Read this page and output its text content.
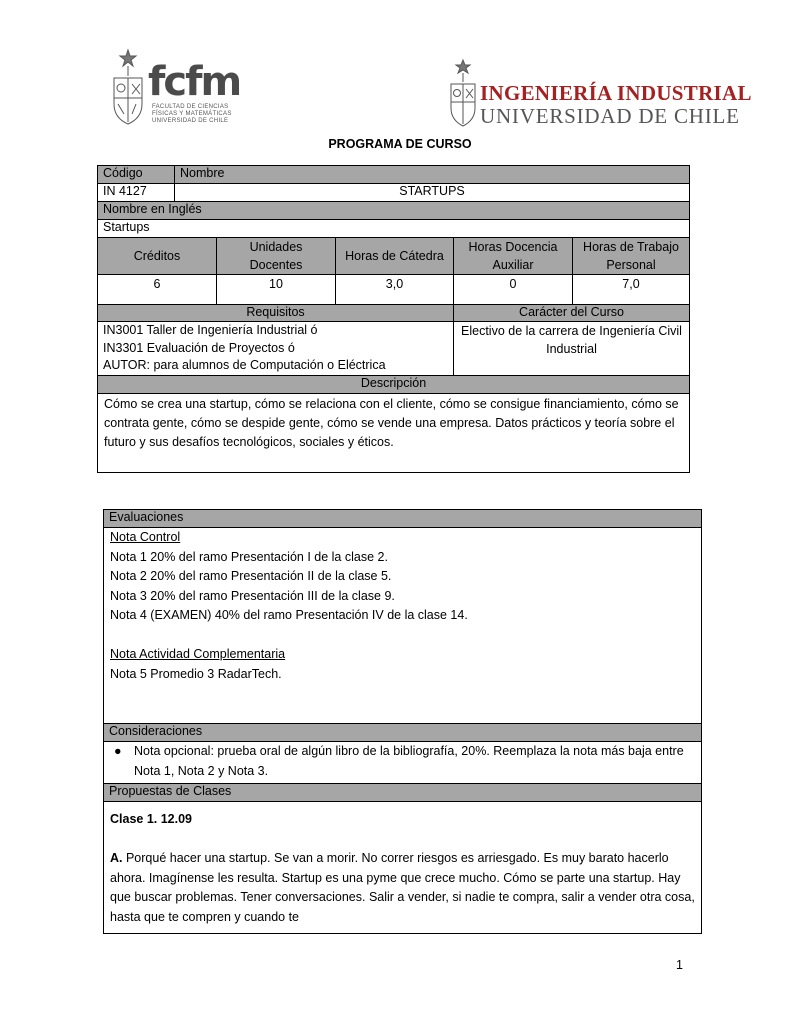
fcfm
FACULTAD DE CIENCIAS
FÍSICAS Y MATEMÁTICAS
UNIVERSIDAD DE CHILE
INGENIERÍA INDUSTRIAL
UNIVERSIDAD DE CHILE
PROGRAMA DE CURSO
Código	Nombre				
IN 4127	STARTUPS				
Nombre en Inglés					
Startups					
Créditos		Unidades Docentes	Horas de Cátedra	Horas Docencia Auxiliar	Horas de Trabajo Personal
6		10	3,0	0	7,0
Requisitos				Carácter del Curso	

IN3001 Taller de Ingeniería Industrial ó
IN3301 Evaluación de Proyectos ó
AUTOR: para alumnos de Computación o Eléctrica				Electivo de la carrera de Ingeniería Civil Industrial	
Descripción					
Cómo se crea una startup, cómo se relaciona con el cliente, cómo se consigue financiamiento, cómo se contrata gente, cómo se despide gente, cómo se vende una empresa. Datos prácticos y teoría sobre el futuro y sus desafíos tecnológicos, sociales y éticos.					
Evaluaciones

Nota Control
Nota 1 20% del ramo Presentación I de la clase 2.
Nota 2 20% del ramo Presentación II de la clase 5.
Nota 3 20% del ramo Presentación III de la clase 9.
Nota 4 (EXAMEN) 40% del ramo Presentación IV de la clase 14.
Nota Actividad Complementaria
Nota 5 Promedio 3 RadarTech.

Consideraciones

● Nota opcional: prueba oral de algún libro de la bibliografía, 20%. Reemplaza la nota más baja entre Nota 1, Nota 2 y Nota 3.

Propuestas de Clases

Clase 1. 12.09
A. Porqué hacer una startup. Se van a morir. No correr riesgos es arriesgado. Es muy barato hacerlo ahora. Imagínense les resulta. Startup es una pyme que crece mucho. Cómo se parte una startup. Hay que buscar problemas. Tener conversaciones. Salir a vender, si nadie te compra, salir a vender otra cosa, hasta que te compren y cuando te
1
